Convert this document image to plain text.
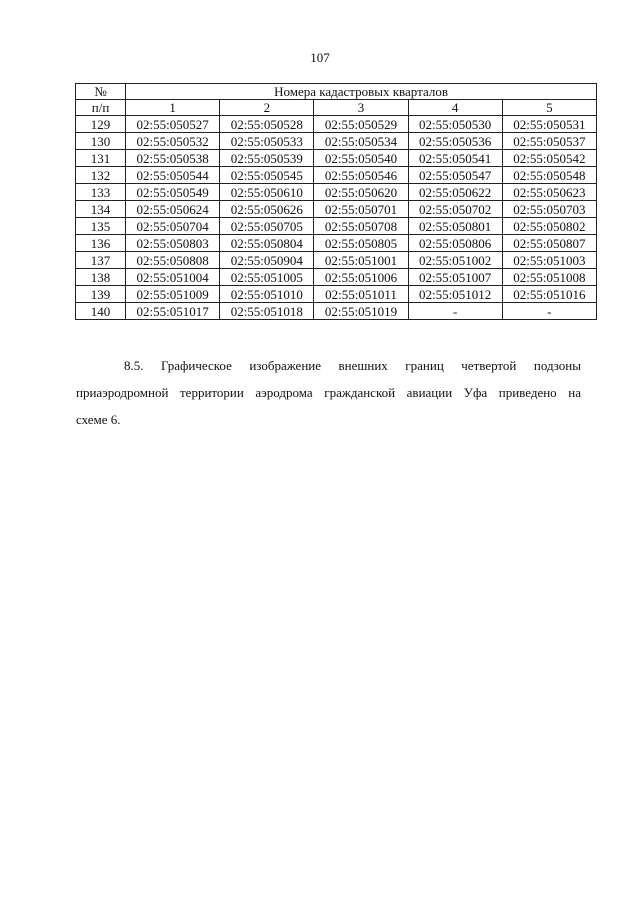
107
№	Номера кадастровых кварталов				
п/п	1	2	3	4	5
129	02:55:050527	02:55:050528	02:55:050529	02:55:050530	02:55:050531
130	02:55:050532	02:55:050533	02:55:050534	02:55:050536	02:55:050537
131	02:55:050538	02:55:050539	02:55:050540	02:55:050541	02:55:050542
132	02:55:050544	02:55:050545	02:55:050546	02:55:050547	02:55:050548
133	02:55:050549	02:55:050610	02:55:050620	02:55:050622	02:55:050623
134	02:55:050624	02:55:050626	02:55:050701	02:55:050702	02:55:050703
135	02:55:050704	02:55:050705	02:55:050708	02:55:050801	02:55:050802
136	02:55:050803	02:55:050804	02:55:050805	02:55:050806	02:55:050807
137	02:55:050808	02:55:050904	02:55:051001	02:55:051002	02:55:051003
138	02:55:051004	02:55:051005	02:55:051006	02:55:051007	02:55:051008
139	02:55:051009	02:55:051010	02:55:051011	02:55:051012	02:55:051016
140	02:55:051017	02:55:051018	02:55:051019	-	-
8.5. Графическое изображение внешних границ четвертой подзоны
приаэродромной территории аэродрома гражданской авиации Уфа приведено на
схеме 6.
